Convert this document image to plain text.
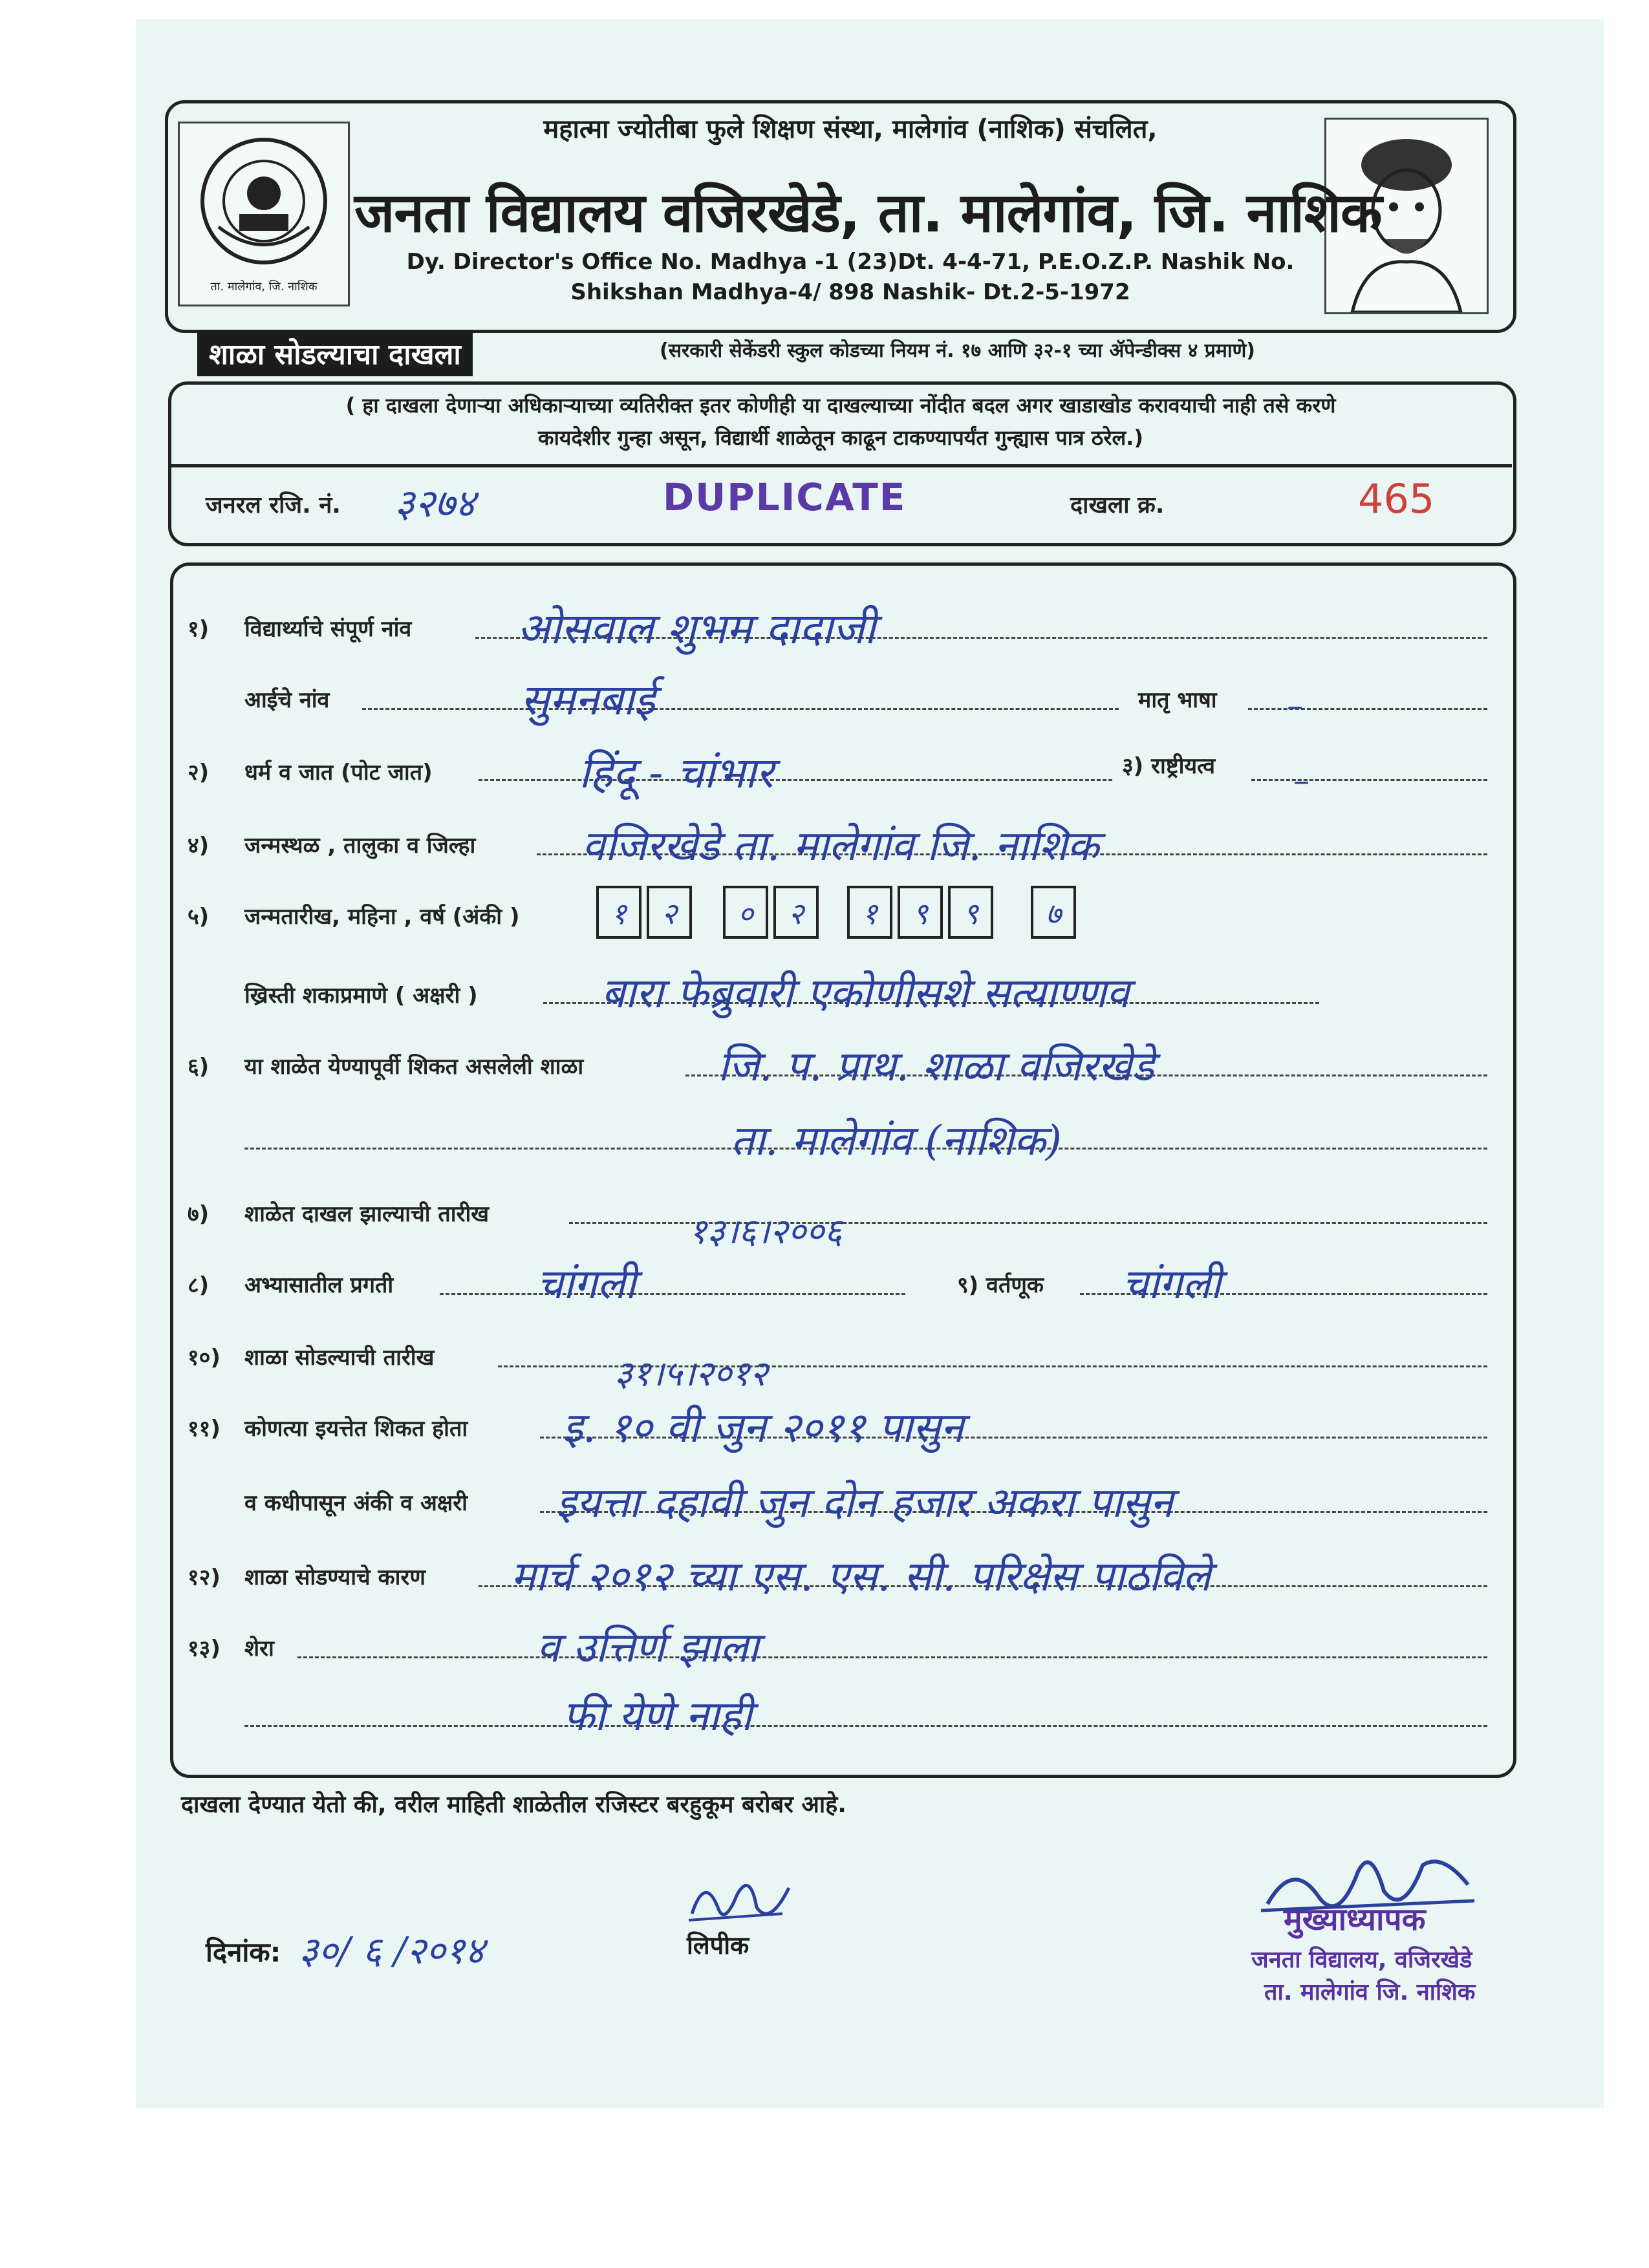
ता. मालेगांव, जि. नाशिक
महात्मा ज्योतीबा फुले शिक्षण संस्था, मालेगांव (नाशिक) संचलित,
जनता विद्यालय वजिरखेडे, ता. मालेगांव, जि. नाशिक
Dy. Director's Office No. Madhya -1 (23)Dt. 4-4-71, P.E.O.Z.P. Nashik No.
Shikshan Madhya-4/ 898 Nashik- Dt.2-5-1972
शाळा सोडल्याचा दाखला	(सरकारी सेकेंडरी स्कुल कोडच्या नियम नं. १७ आणि ३२-१ च्या ॲपेन्डीक्स ४ प्रमाणे)
( हा दाखला देणाऱ्या अधिकाऱ्याच्या व्यतिरीक्त इतर कोणीही या दाखल्याच्या नोंदीत बदल अगर खाडाखोड करावयाची नाही तसे करणे
कायदेशीर गुन्हा असून, विद्यार्थी शाळेतून काढून टाकण्यापर्यंत गुन्ह्यास पात्र ठरेल.)
जनरल रजि. नं. ३२७४	DUPLICATE	दाखला क्र.	465
१) विद्यार्थ्याचे संपूर्ण नांव ओसवाल शुभम दादाजी
आईचे नांव	सुमनबाई	मातृ भाषा –
२) धर्म व जात (पोट जात)	हिंदू - चांभार	३) राष्ट्रीयत्व –
४) जन्मस्थळ , तालुका व जिल्हा	वजिरखेडे ता. मालेगांव जि. नाशिक
५) जन्मतारीख, महिना , वर्ष (अंकी )	१	२	०	२	१	९	९	७
ख्रिस्ती शकाप्रमाणे ( अक्षरी )	बारा फेब्रुवारी एकोणीसशे सत्याण्णव
६) या शाळेत येण्यापूर्वी शिकत असलेली शाळा	जि. प. प्राथ. शाळा वजिरखेडे
ता. मालेगांव (नाशिक)
७) शाळेत दाखल झाल्याची तारीख	१३।६।२००६
८) अभ्यासातील प्रगती	चांगली	९) वर्तणूक चांगली
१०) शाळा सोडल्याची तारीख	३१।५।२०१२
११) कोणत्या इयत्तेत शिकत होता इ. १० वी जुन २०११ पासुन
व कधीपासून अंकी व अक्षरी इयत्ता दहावी जुन दोन हजार अकरा पासुन
१२) शाळा सोडण्याचे कारण मार्च २०१२ च्या एस. एस. सी. परिक्षेस पाठविले
१३) शेरा	व उत्तिर्ण झाला
फी येणे नाही
दाखला देण्यात येतो की, वरील माहिती शाळेतील रजिस्टर बरहुकूम बरोबर आहे.
दिनांक: ३०/ ६ /२०१४	लिपीक
मुख्याध्यापक
जनता विद्यालय, वजिरखेडे
ता. मालेगांव जि. नाशिक
